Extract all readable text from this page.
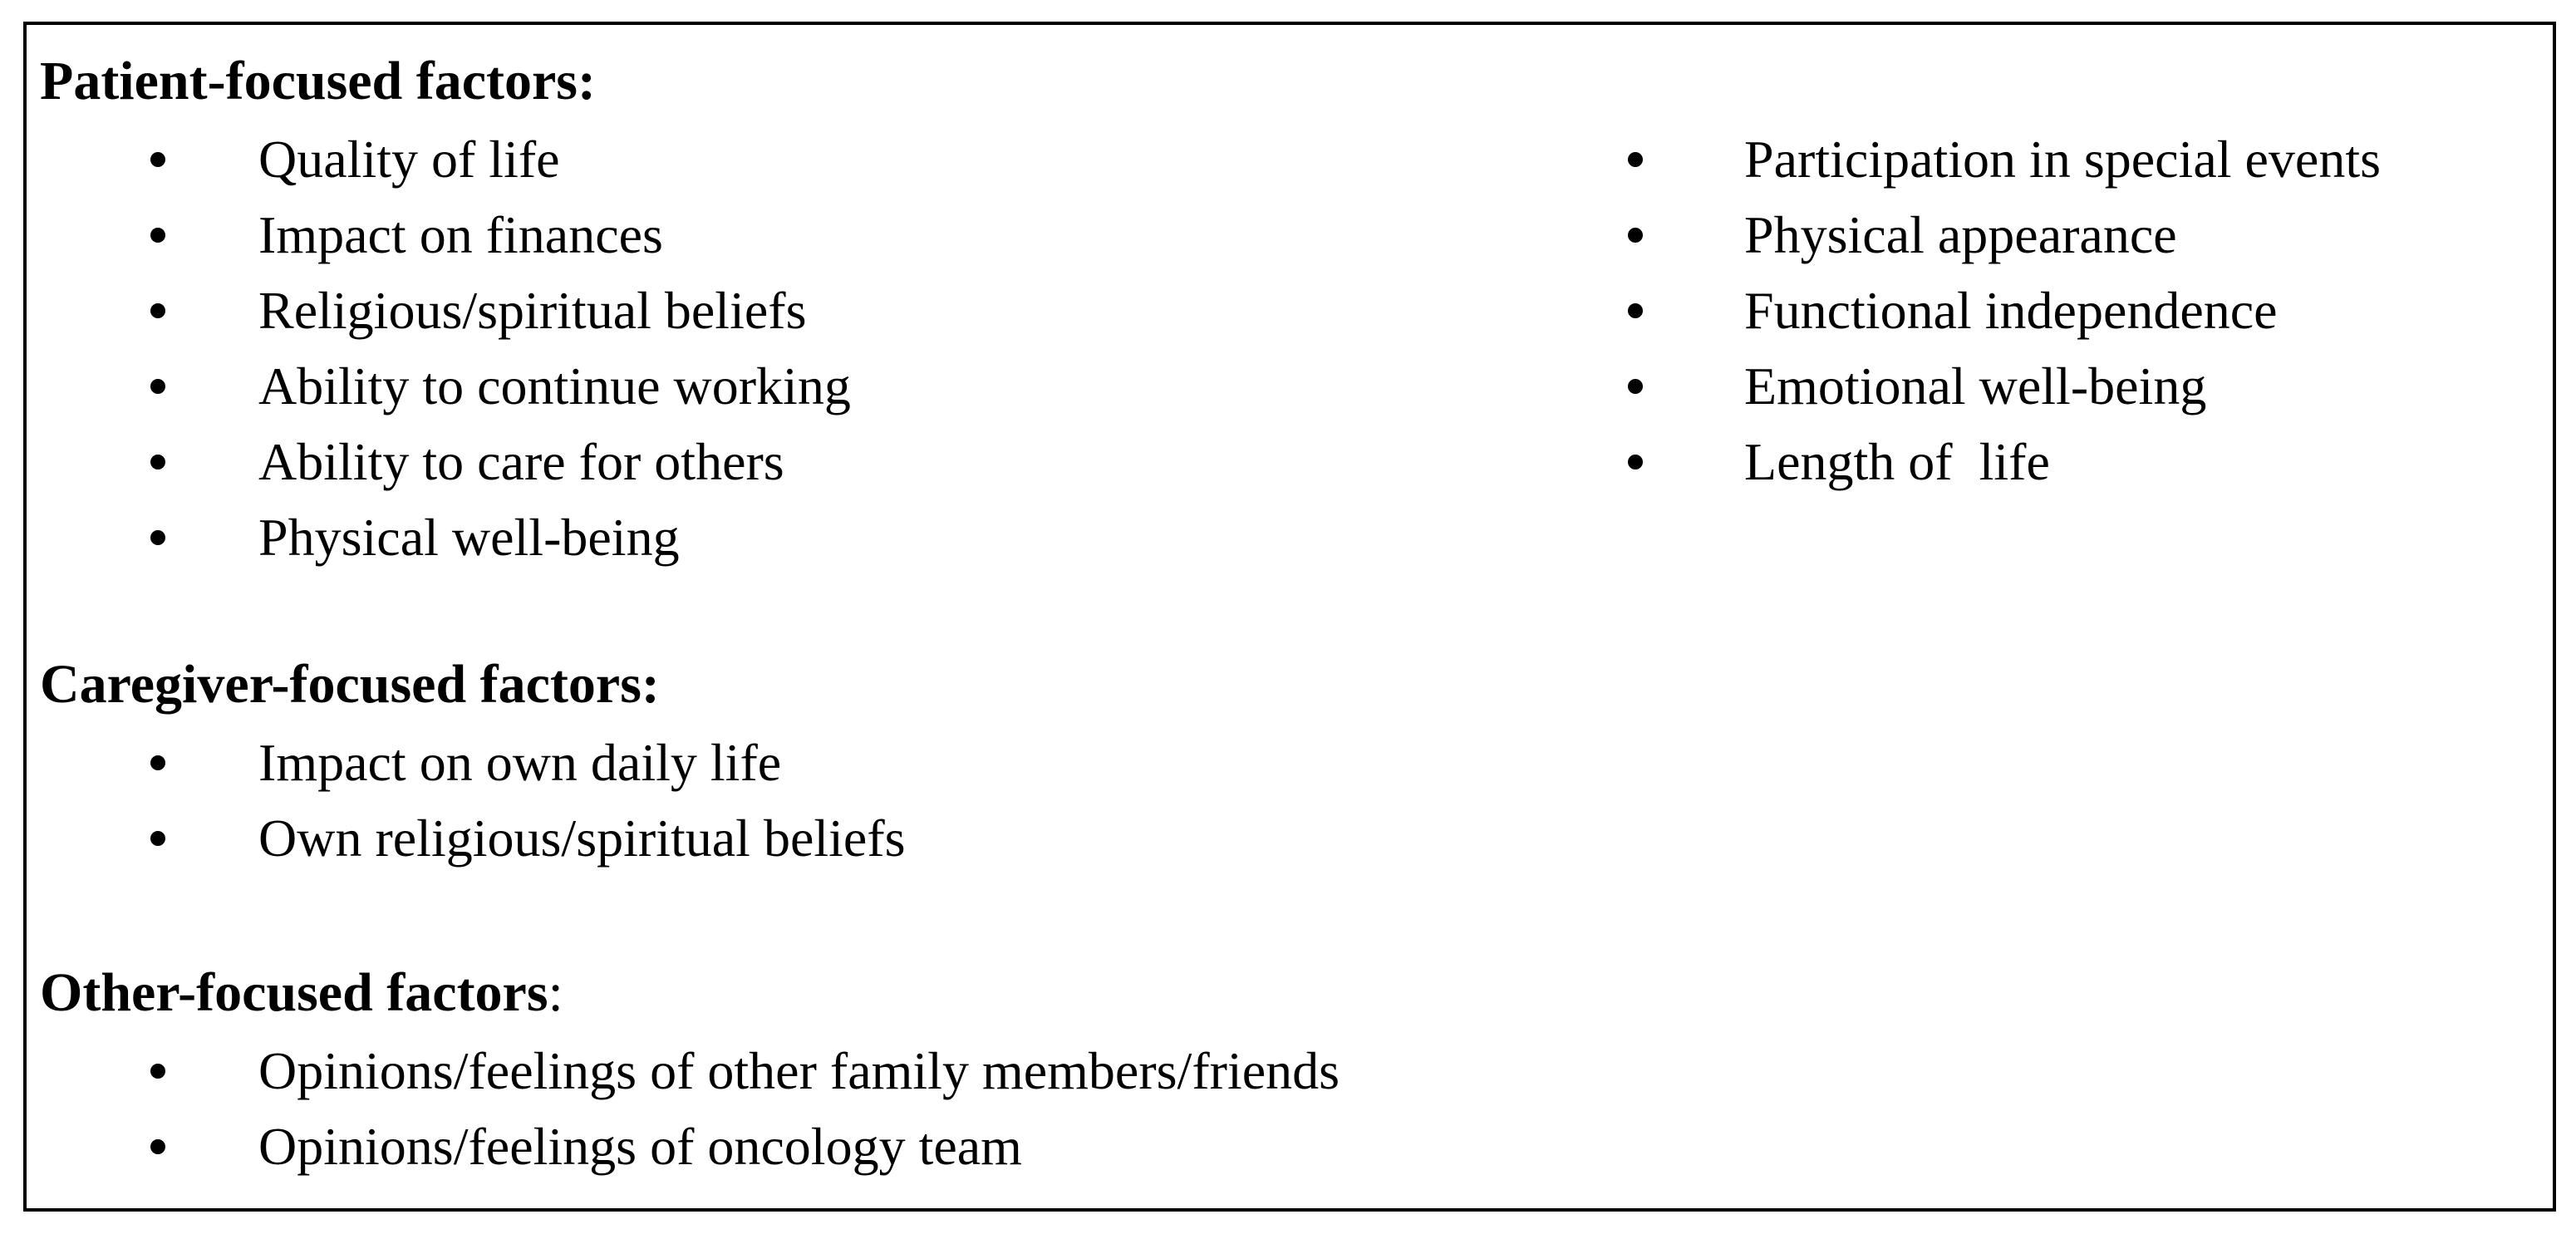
Patient-focused factors:
Quality of life
Impact on finances
Religious/spiritual beliefs
Ability to continue working
Ability to care for others
Physical well-being
Participation in special events
Physical appearance
Functional independence
Emotional well-being
Length of  life
Caregiver-focused factors:
Impact on own daily life
Own religious/spiritual beliefs
Other-focused factors:
Opinions/feelings of other family members/friends
Opinions/feelings of oncology team
